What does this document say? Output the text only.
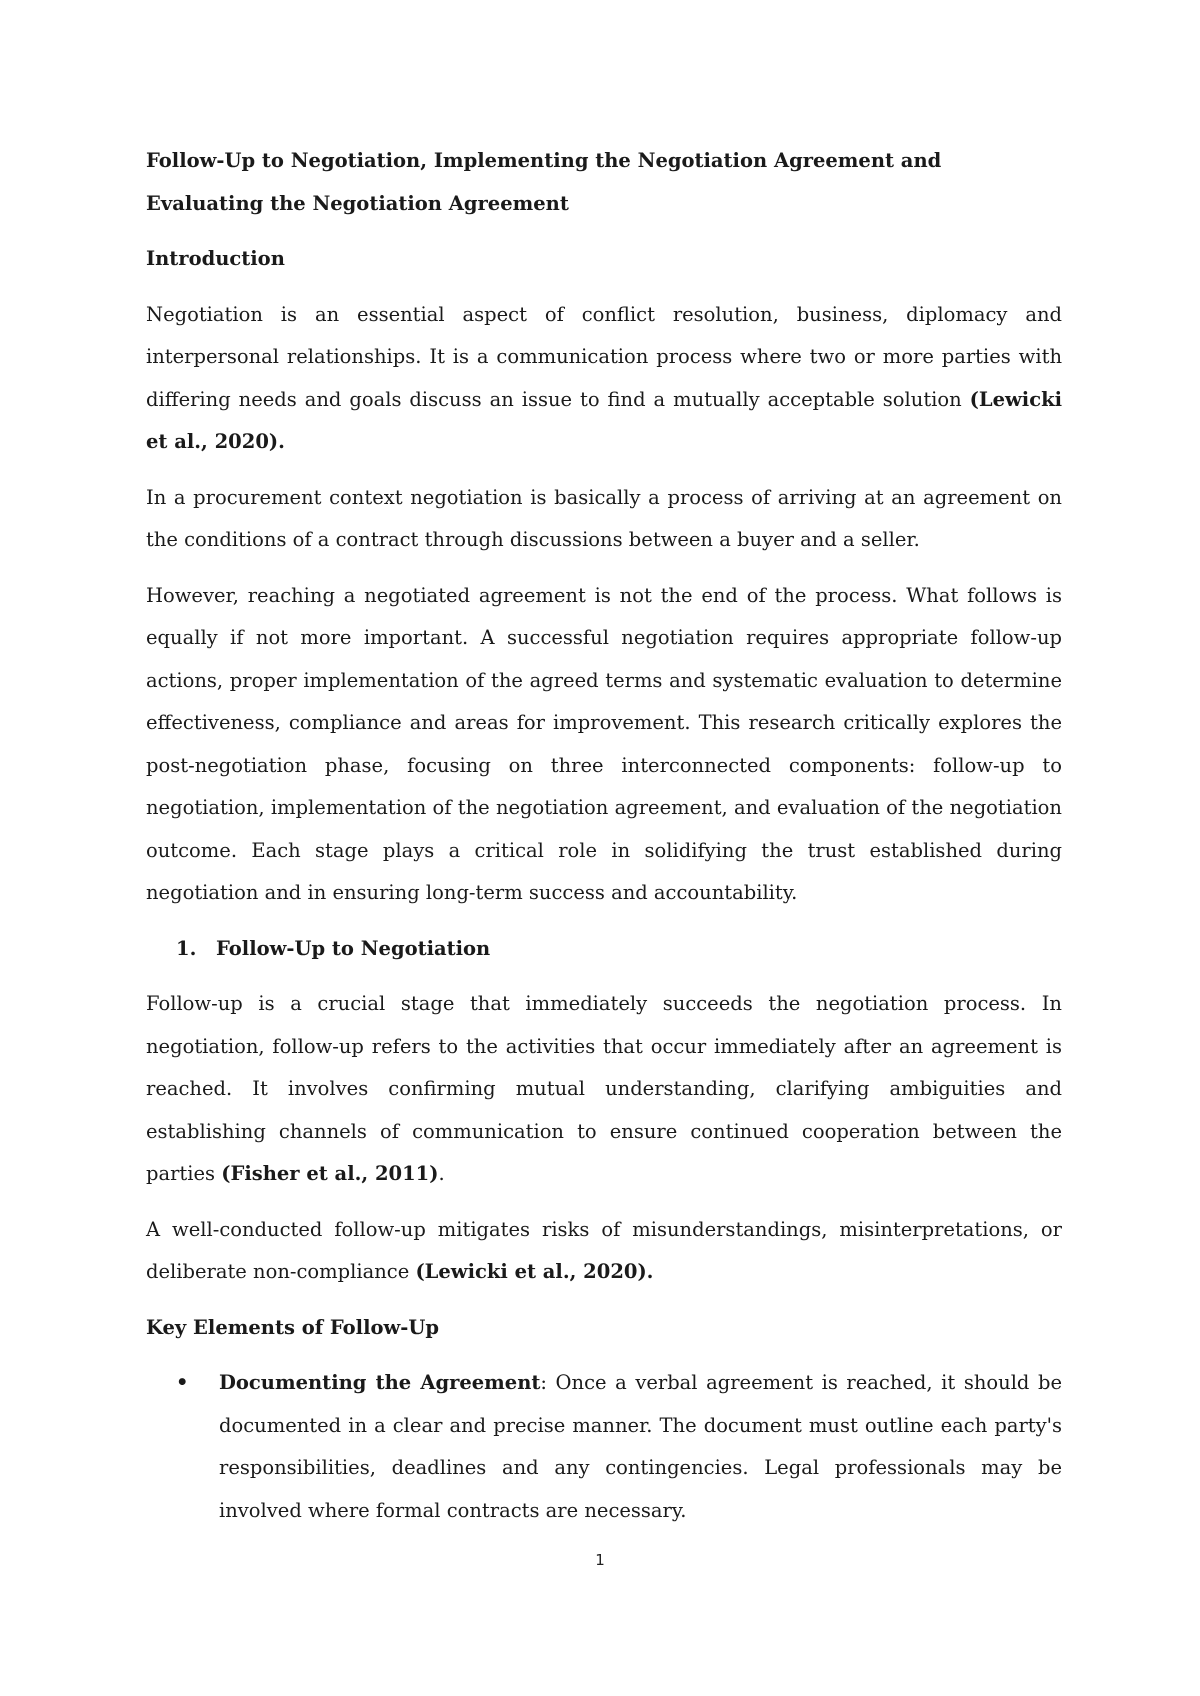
Follow-Up to Negotiation, Implementing the Negotiation Agreement and Evaluating the Negotiation Agreement
Introduction

Negotiation is an essential aspect of conflict resolution, business, diplomacy and interpersonal relationships. It is a communication process where two or more parties with differing needs and goals discuss an issue to find a mutually acceptable solution (Lewicki et al., 2020).

In a procurement context negotiation is basically a process of arriving at an agreement on the conditions of a contract through discussions between a buyer and a seller.

However, reaching a negotiated agreement is not the end of the process. What follows is equally if not more important. A successful negotiation requires appropriate follow-up actions, proper implementation of the agreed terms and systematic evaluation to determine effectiveness, compliance and areas for improvement. This research critically explores the post-negotiation phase, focusing on three interconnected components: follow-up to negotiation, implementation of the negotiation agreement, and evaluation of the negotiation outcome. Each stage plays a critical role in solidifying the trust established during negotiation and in ensuring long-term success and accountability.

1. Follow-Up to Negotiation

Follow-up is a crucial stage that immediately succeeds the negotiation process. In negotiation, follow-up refers to the activities that occur immediately after an agreement is reached. It involves confirming mutual understanding, clarifying ambiguities and establishing channels of communication to ensure continued cooperation between the parties (Fisher et al., 2011).

A well-conducted follow-up mitigates risks of misunderstandings, misinterpretations, or deliberate non-compliance (Lewicki et al., 2020).

Key Elements of Follow-Up
• Documenting the Agreement: Once a verbal agreement is reached, it should be documented in a clear and precise manner. The document must outline each party's responsibilities, deadlines and any contingencies. Legal professionals may be involved where formal contracts are necessary.
1
